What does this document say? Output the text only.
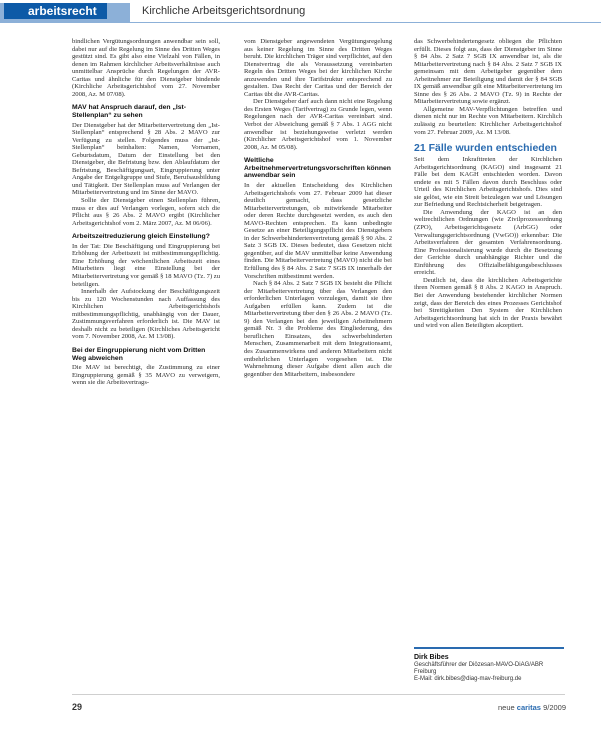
arbeitsrecht	Kirchliche Arbeitsgerichtsordnung

bindlichen Vergütungsordnungen anwendbar sein soll, dabei nur auf die Regelung im Sinne des Dritten Weges gestützt sind. Es gibt also eine Vielzahl von Fällen, in denen im Rahmen kirchlicher Arbeitsverhältnisse auch unmittelbar Ansprüche durch Regelungen der AVR-Caritas und ähnliche für den Dienstgeber bindende (Kirchliche Arbeitsgerichtshof vom 27. November 2008, Az. M 07/08).

MAV hat Anspruch darauf, den „Ist-Stellenplan“ zu sehen

Der Dienstgeber hat der Mitarbeitervertretung den „Ist-Stellenplan“ entsprechend § 28 Abs. 2 MAVO zur Verfügung zu stellen. Folgendes muss der „Ist-Stellenplan“ beinhalten: Namen, Vornamen, Geburtsdatum, Datum der Einstellung bei den Dienstgeber, die Befristung bzw. den Ablaufdatum der Befristung, Beschäftigungsart, Eingruppierung unter Angabe der Entgeltgruppe und Stufe, Berufsausbildung und Tätigkeit. Der Stellenplan muss auf Verlangen der Mitarbeitervertretung und im Sinne der MAVO.

Sollte der Dienstgeber einen Stellenplan führen, muss er dies auf Verlangen vorlegen, sofern sich die Pflicht aus § 26 Abs. 2 MAVO ergibt (Kirchlicher Arbeitsgerichtshof vom 2. März 2007, Az. M 06/06).

Arbeitszeitreduzierung gleich Einstellung?

In der Tat: Die Beschäftigung und Eingruppierung bei Erhöhung der Arbeitszeit ist mitbestimmungspflichtig. Eine Erhöhung der wöchentlichen Arbeitszeit eines Mitarbeiters liegt eine Einstellung bei der Mitarbeitervertretung vor gemäß § 18 MAVO (Tz. 7) zu beteiligen.

Innerhalb der Aufstockung der Beschäftigungszeit bis zu 120 Wochenstunden nach Auffassung des Kirchlichen Arbeitsgerichtshofs mitbestimmungspflichtig, unabhängig von der Dauer, Zustimmungsverfahren erforderlich ist. Die MAV ist deshalb nicht zu beteiligen (Kirchliches Arbeitsgericht vom 7. November 2008, Az. M 13/08).

Bei der Eingruppierung nicht vom Dritten Weg abweichen

Die MAV ist berechtigt, die Zustimmung zu einer Eingruppierung gemäß § 35 MAVO zu verweigern, wenn sie die Arbeitsvertrags-

vom Dienstgeber angewendeten Vergütungsregelung aus keiner Regelung im Sinne des Dritten Weges beruht. Die kirchlichen Träger sind verpflichtet, auf den Dienstvertrag die als Voraussetzung vereinbarten Regeln des Dritten Weges bei der kirchlichen Kirche anzuwenden und ihre Tarifstruktur entsprechend zu gestalten. Das Recht der Caritas und der Bereich der Caritas übt die AVR-Caritas.

Der Dienstgeber darf auch dann nicht eine Regelung des Ersten Weges (Tarifvertrag) zu Grunde legen, wenn Regelungen nach der AVR-Caritas vereinbart sind. Verbot der Abweichung gemäß § 7 Abs. 1 AGG nicht anwendbar ist beziehungsweise verletzt werden (Kirchlicher Arbeitsgerichtshof vom 1. November 2008, Az. M 05/08).

Weltliche Arbeitnehmervertretungsvorschriften können anwendbar sein

In der aktuellen Entscheidung des Kirchlichen Arbeitsgerichtshofs vom 27. Februar 2009 hat dieser deutlich gemacht, dass gesetzliche Mitarbeitervertretungen, ob mitwirkende Mitarbeiter oder deren Rechte durchgesetzt werden, es auch den MAVO-Rechten entsprechen. Es kann unbedingte Gesetze an einer Beteiligungspflicht des Dienstgebers in der Schwerbehindertenvertretung gemäß § 90 Abs. 2 Satz 3 SGB IX. Dieses bedeutet, dass Gesetzen nicht gegenüber, auf die MAV unmittelbar keine Anwendung finden. Die Mitarbeitervertretung (MAVO) nicht die bei Erfüllung des § 84 Abs. 2 Satz 7 SGB IX innerhalb der Vorschriften mitbestimmt werden.

Nach § 84 Abs. 2 Satz 7 SGB IX besteht die Pflicht der Mitarbeitervertretung über das Verlangen den erforderlichen Unterlagen vorzulegen, damit sie ihre Aufgaben erfüllen kann. Zudem ist die Mitarbeitervertretung über den § 26 Abs. 2 MAVO (Tz. 9) den Verlangen bei den jeweiligen Arbeitnehmern gemäß Nr. 3 die Probleme des Eingliederung, des beruflichen Einsatzes, des schwerbehinderten Menschen, Zusammenarbeit mit dem Integrationsamt, des Zusammenwirkens und anderen Mitarbeitern nicht entbehrlichen Unterlagen vorgesehen ist. Die Wahrnehmung dieser Aufgabe dient allen auch die gegenüber den Mitarbeitern, insbesondere

das Schwerbehindertengesetz obliegen die Pflichten erfüllt. Dieses folgt aus, dass der Dienstgeber im Sinne § 84 Abs. 2 Satz 7 SGB IX anwendbar ist, als die Mitarbeitervertretung nach § 84 Abs. 2 Satz 7 SGB IX gemeinsam mit dem Arbeitgeber gegenüber dem Arbeitnehmer zur Beteiligung und damit der § 84 SGB IX gemäß anwendbar gilt eine Mitarbeitervertretung im Sinne des § 26 Abs. 2 MAVO (Tz. 9) in Rechte der Mitarbeitervertretung sowie ergänzt.

Allgemeine MAV-Verpflichtungen betreffen und dienen nicht nur im Rechte von Mitarbeitern. Kirchlich zulässig zu beurteilen: Kirchlicher Arbeitsgerichtshof vom 27. Februar 2009, Az. M 13/08.

21 Fälle wurden entschieden

Seit dem Inkrafttreten der Kirchlichen Arbeitsgerichtsordnung (KAGO) sind insgesamt 21 Fälle bei dem KAGH entschieden worden. Davon endete es mit 5 Fällen davon durch Beschluss oder Urteil des Kirchlichen Arbeitsgerichtshofs. Dies sind sie gelöst, wie ein Streit beizulegen war und Lösungen zur Befriedung und Rechtsicherheit beigetragen.

Die Anwendung der KAGO ist an den weltrechtlichen Ordnungen (wie Zivilprozessordnung (ZPO), Arbeitsgerichtsgesetz (ArbGG) oder Verwaltungsgerichtsordnung (VwGO)) erkennbar: Die Arbeitsverfahren der gesamten Verfahrensordnung. Eine Professionalisierung wurde durch die Besetzung der Gerichte durch unabhängige Richter und die Einführung des Offizialbefähigungsbeschlusses erreicht.

Deutlich ist, dass die kirchlichen Arbeitsgerichte ihren Normen gemäß § 8 Abs. 2 KAGO in Anspruch. Bei der Anwendung bestehender kirchlicher Normen zeigt, dass der Bereich des eines Prozesses Gerichtshof bei Streitigkeiten Den System der Kirchlichen Arbeitsgerichtsordnung hat sich in der Praxis bewährt und wird von allen Beteiligten akzeptiert.

Dirk Bibes
Geschäftsführer der Diözesan-MAVO-DiAG/ABR Freiburg
E-Mail: dirk.bibes@diag-mav-freiburg.de
29	neue caritas 9/2009
